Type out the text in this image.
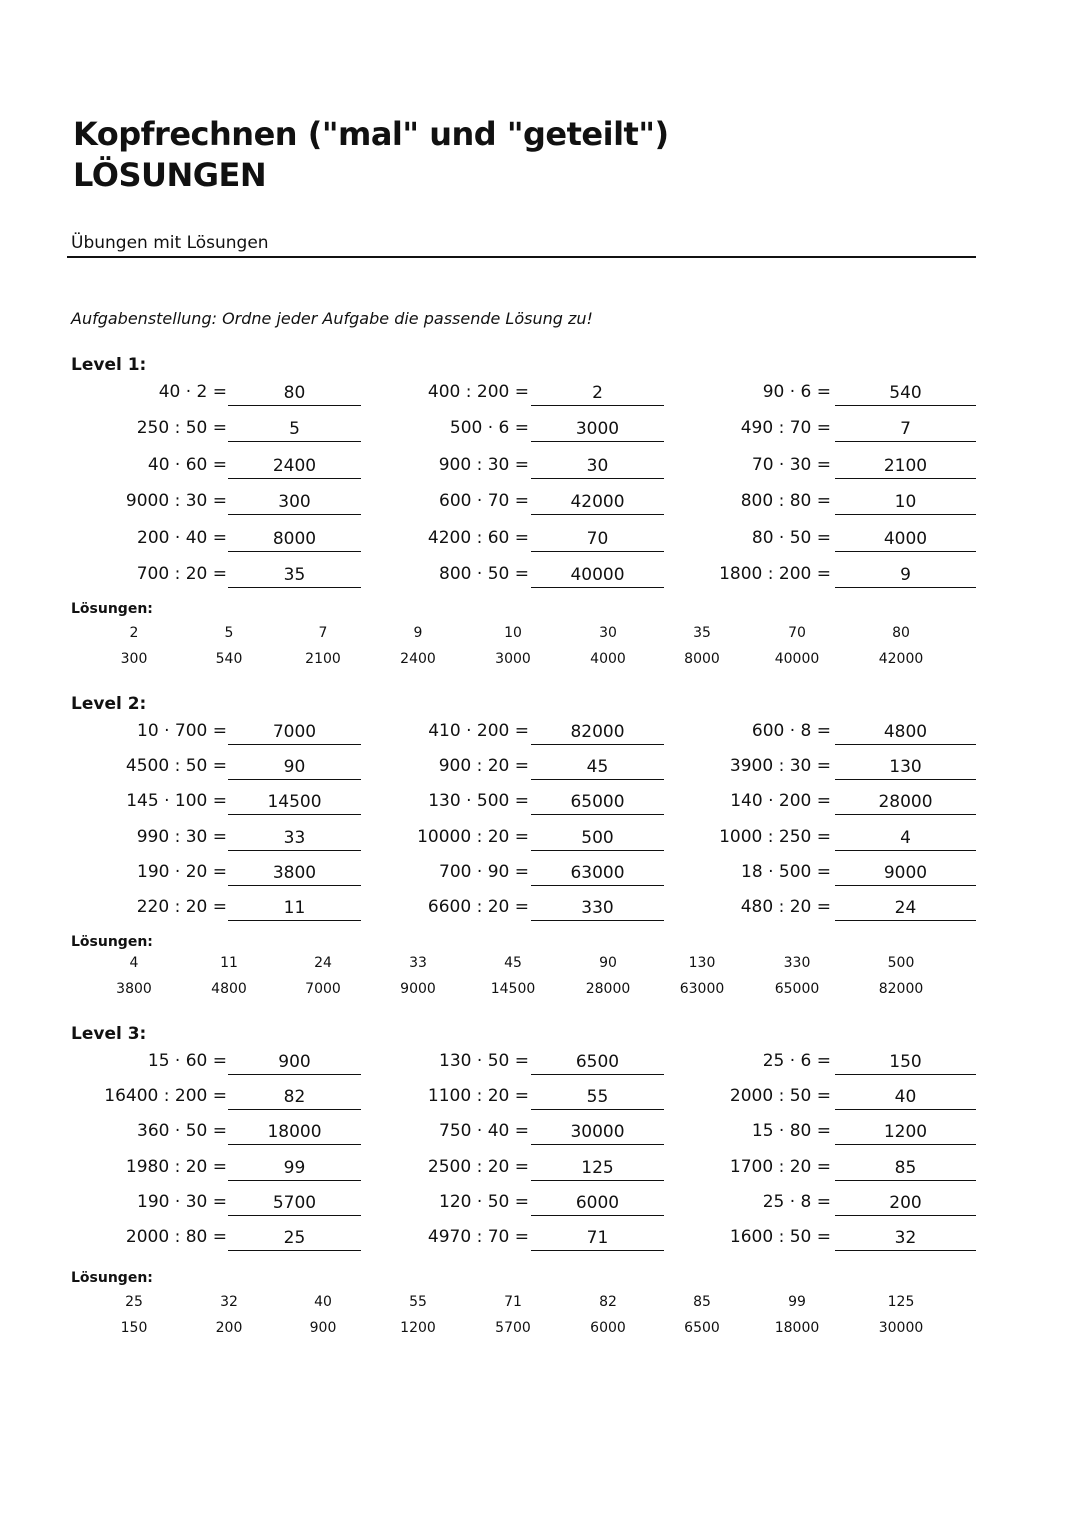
Kopfrechnen ("mal" und "geteilt")
LÖSUNGEN
Übungen mit Lösungen
Aufgabenstellung: Ordne jeder Aufgabe die passende Lösung zu!
Level 1:
40 · 2 =	80
250 : 50 =	5
40 · 60 =	2400
9000 : 30 =	300
200 · 40 =	8000
700 : 20 =	35
400 : 200 =	2
500 · 6 =	3000
900 : 30 =	30
600 · 70 =	42000
4200 : 60 =	70
800 · 50 =	40000
90 · 6 =	540
490 : 70 =	7
70 · 30 =	2100
800 : 80 =	10
80 · 50 =	4000
1800 : 200 =	9
Lösungen:
2	5	7	9	10	30	35	70	80
300	540	2100	2400	3000	4000	8000	40000	42000
Level 2:
10 · 700 =	7000
4500 : 50 =	90
145 · 100 =	14500
990 : 30 =	33
190 · 20 =	3800
220 : 20 =	11
410 · 200 =	82000
900 : 20 =	45
130 · 500 =	65000
10000 : 20 =	500
700 · 90 =	63000
6600 : 20 =	330
600 · 8 =	4800
3900 : 30 =	130
140 · 200 =	28000
1000 : 250 =	4
18 · 500 =	9000
480 : 20 =	24
Lösungen:
4	11	24	33	45	90	130	330	500
3800	4800	7000	9000	14500	28000	63000	65000	82000
Level 3:
15 · 60 =	900
16400 : 200 =	82
360 · 50 =	18000
1980 : 20 =	99
190 · 30 =	5700
2000 : 80 =	25
130 · 50 =	6500
1100 : 20 =	55
750 · 40 =	30000
2500 : 20 =	125
120 · 50 =	6000
4970 : 70 =	71
25 · 6 =	150
2000 : 50 =	40
15 · 80 =	1200
1700 : 20 =	85
25 · 8 =	200
1600 : 50 =	32
Lösungen:
25	32	40	55	71	82	85	99	125
150	200	900	1200	5700	6000	6500	18000	30000
